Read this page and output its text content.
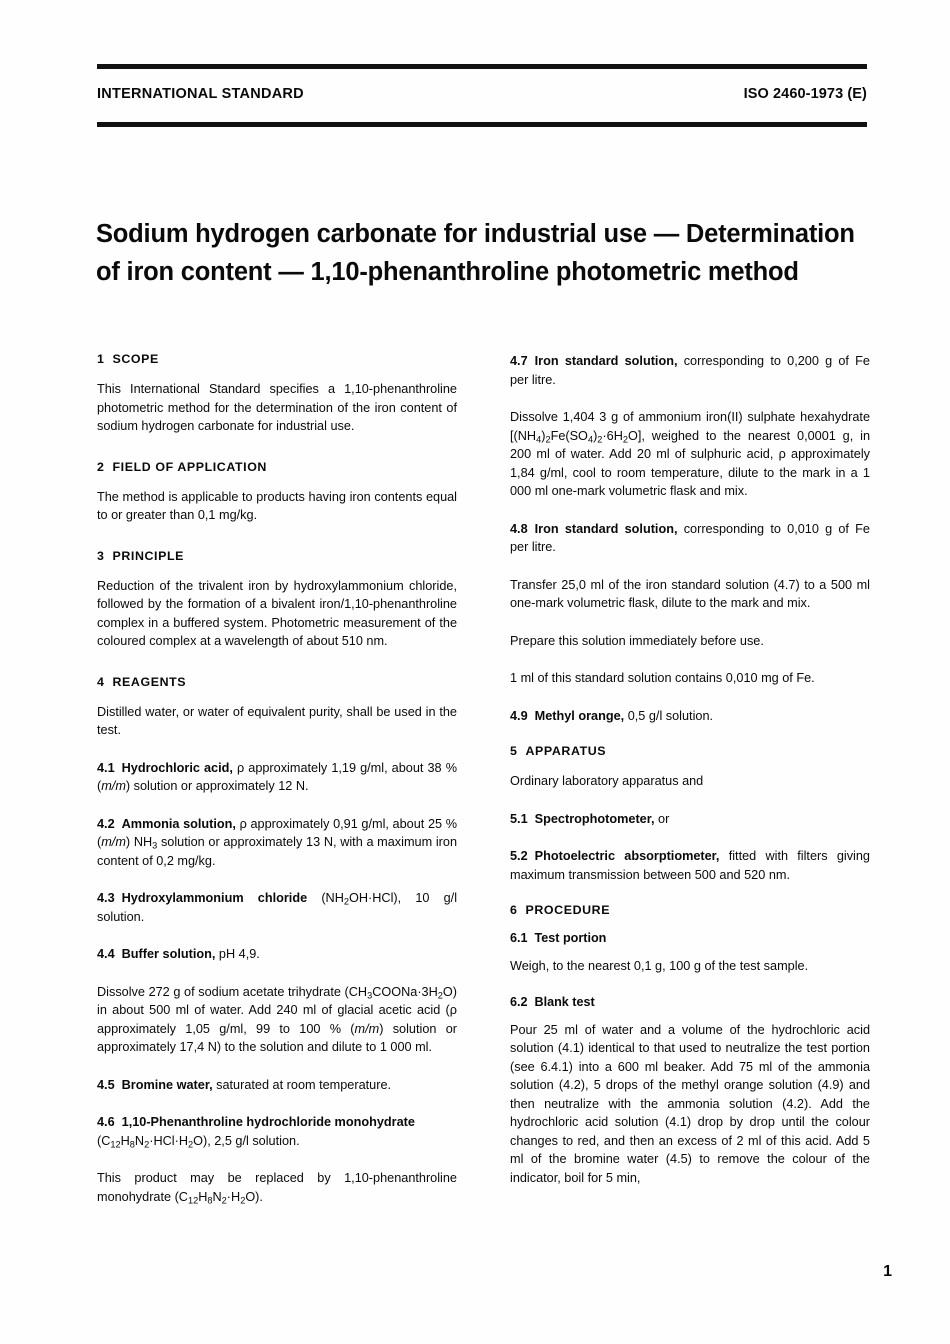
INTERNATIONAL STANDARD	ISO 2460-1973 (E)
Sodium hydrogen carbonate for industrial use — Determination of iron content — 1,10-phenanthroline photometric method
1 SCOPE

This International Standard specifies a 1,10-phenanthroline photometric method for the determination of the iron content of sodium hydrogen carbonate for industrial use.

2 FIELD OF APPLICATION

The method is applicable to products having iron contents equal to or greater than 0,1 mg/kg.

3 PRINCIPLE

Reduction of the trivalent iron by hydroxylammonium chloride, followed by the formation of a bivalent iron/1,10-phenanthroline complex in a buffered system. Photometric measurement of the coloured complex at a wavelength of about 510 nm.

4 REAGENTS

Distilled water, or water of equivalent purity, shall be used in the test.

4.1 Hydrochloric acid, ρ approximately 1,19 g/ml, about 38 % (m/m) solution or approximately 12 N.

4.2 Ammonia solution, ρ approximately 0,91 g/ml, about 25 % (m/m) $NH_3$ solution or approximately 13 N, with a maximum iron content of 0,2 mg/kg.

4.3 Hydroxylammonium chloride $(NH_2OH\cdot HCl)$, 10 g/l solution.

4.4 Buffer solution, pH 4,9.

Dissolve 272 g of sodium acetate trihydrate $(CH_3COONa\cdot 3H_2O)$ in about 500 ml of water. Add 240 ml of glacial acetic acid (ρ approximately 1,05 g/ml, 99 to 100 % (m/m) solution or approximately 17,4 N) to the solution and dilute to 1 000 ml.

4.5 Bromine water, saturated at room temperature.

4.6 1,10-Phenanthroline hydrochloride monohydrate
$(C_{12}H_8N_2\cdot HCl\cdot H_2O)$, 2,5 g/l solution.

This product may be replaced by 1,10-phenanthroline monohydrate $(C_{12}H_8N_2\cdot H_2O)$.

4.7 Iron standard solution, corresponding to 0,200 g of Fe per litre.

Dissolve 1,404 3 g of ammonium iron(II) sulphate hexahydrate $[(NH_4)_2Fe(SO_4)_2\cdot 6H_2O]$, weighed to the nearest 0,0001 g, in 200 ml of water. Add 20 ml of sulphuric acid, ρ approximately 1,84 g/ml, cool to room temperature, dilute to the mark in a 1 000 ml one-mark volumetric flask and mix.

4.8 Iron standard solution, corresponding to 0,010 g of Fe per litre.

Transfer 25,0 ml of the iron standard solution (4.7) to a 500 ml one-mark volumetric flask, dilute to the mark and mix.

Prepare this solution immediately before use.

1 ml of this standard solution contains 0,010 mg of Fe.

4.9 Methyl orange, 0,5 g/l solution.

5 APPARATUS

Ordinary laboratory apparatus and

5.1 Spectrophotometer, or

5.2 Photoelectric absorptiometer, fitted with filters giving maximum transmission between 500 and 520 nm.

6 PROCEDURE
6.1 Test portion

Weigh, to the nearest 0,1 g, 100 g of the test sample.

6.2 Blank test

Pour 25 ml of water and a volume of the hydrochloric acid solution (4.1) identical to that used to neutralize the test portion (see 6.4.1) into a 600 ml beaker. Add 75 ml of the ammonia solution (4.2), 5 drops of the methyl orange solution (4.9) and then neutralize with the ammonia solution (4.2). Add the hydrochloric acid solution (4.1) drop by drop until the colour changes to red, and then an excess of 2 ml of this acid. Add 5 ml of the bromine water (4.5) to remove the colour of the indicator, boil for 5 min,

1
